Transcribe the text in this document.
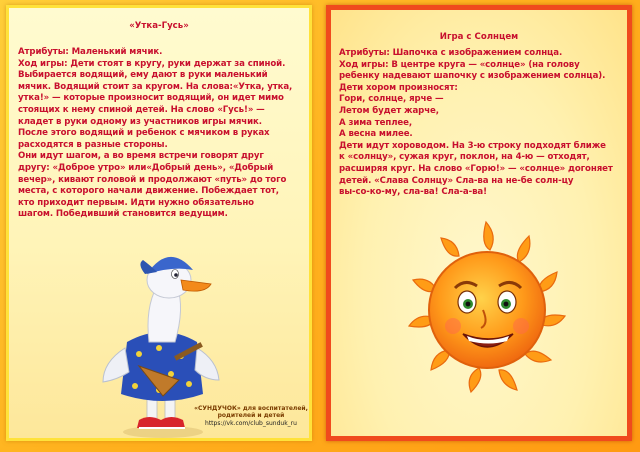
«Утка-Гусь»

Атрибуты: Маленький мячик.

Ход игры: Дети стоят в кругу, руки держат за спиной.

Выбирается водящий, ему дают в руки маленький

мячик. Водящий стоит за кругом. На слова:«Утка, утка,

утка!» — которые произносит водящий, он идет мимо

стоящих к нему спиной детей. На слово «Гусь!» —

кладет в руки одному из участников игры мячик.

После этого водящий и ребенок с мячиком в руках

расходятся в разные стороны.

Они идут шагом, а во время встречи говорят друг

другу: «Доброе утро» или«Добрый день», «Добрый

вечер», кивают головой и продолжают «путь» до того

места, с которого начали движение. Побеждает тот,

кто приходит первым. Идти нужно обязательно

шагом. Победивший становится ведущим.

«СУНДУЧОК» для воспитателей,
родителей и детей
https://vk.com/club_sunduk_ru
Игра с Солнцем

Атрибуты: Шапочка с изображением солнца.

Ход игры: В центре круга — «солнце» (на голову

ребенку надевают шапочку с изображением солнца).

Дети хором произносят:

Гори, солнце, ярче —

Летом будет жарче,

А зима теплее,

А весна милее.

Дети идут хороводом. На 3-ю строку подходят ближе

к «солнцу», сужая круг, поклон, на 4-ю — отходят,

расширяя круг. На слово «Горю!» — «солнце» догоняет

детей. «Слава Солнцу» Сла-ва на не-бе солн-цу

вы-со-ко-му, сла-ва! Сла-а-ва!
